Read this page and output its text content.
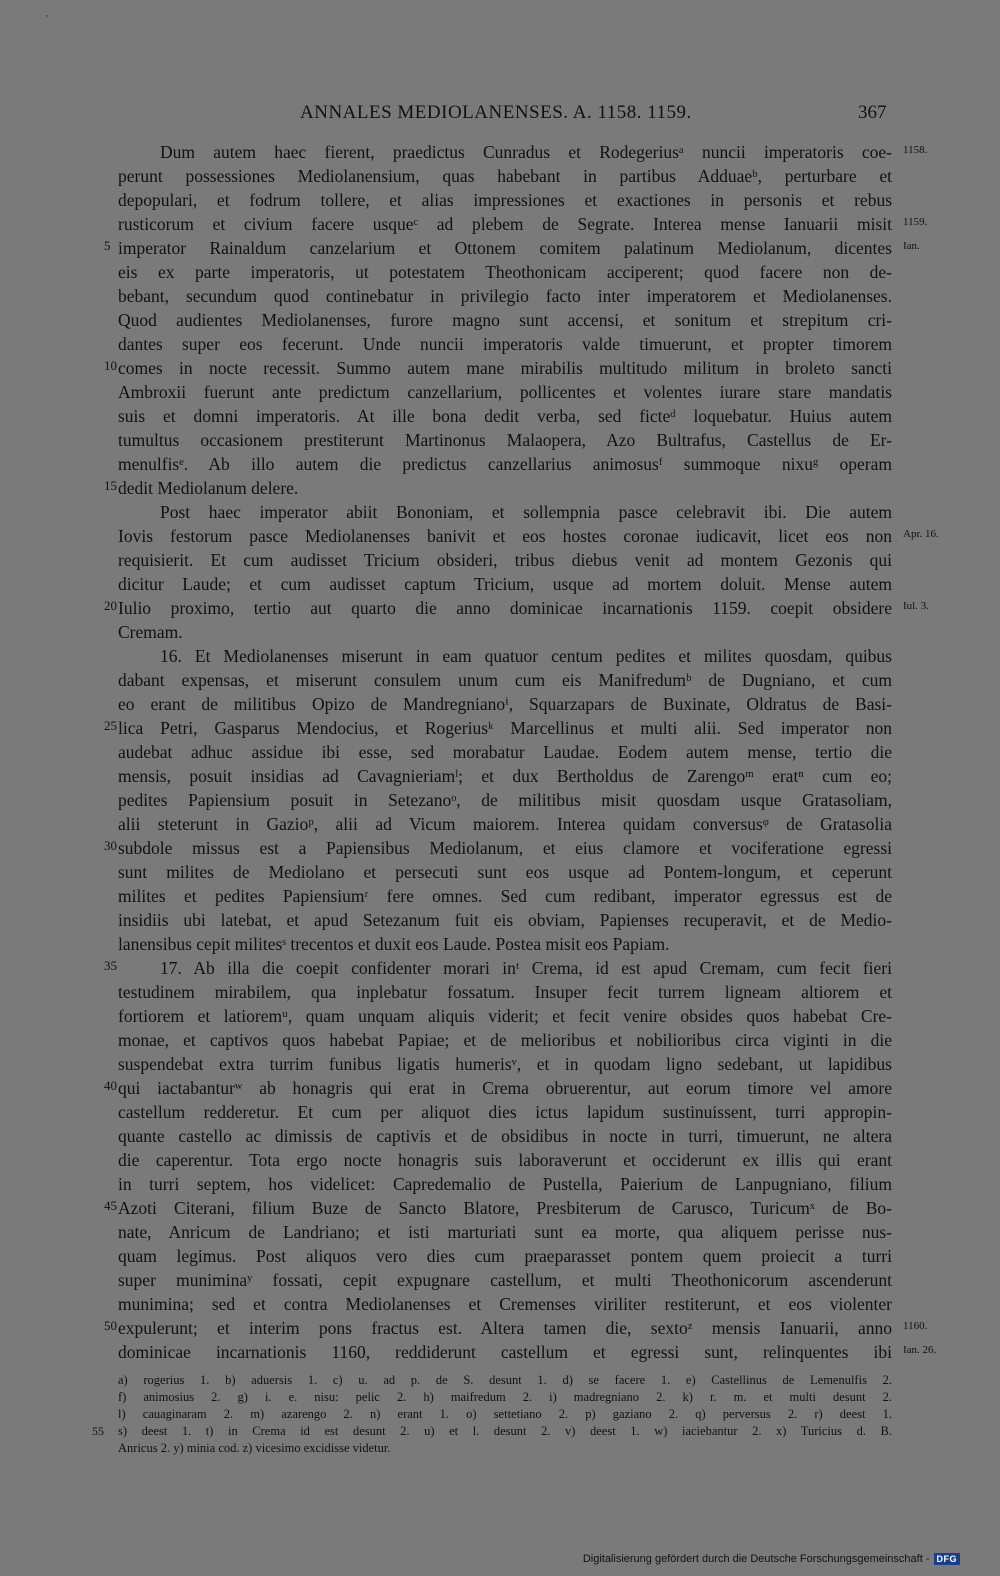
'
ANNALES MEDIOLANENSES. A. 1158. 1159.	367
Dum autem haec fierent, praedictus Cunradus et Rodegeriusᵃ nuncii imperatoris coe- 1158.
perunt possessiones Mediolanensium, quas habebant in partibus Adduaeᵇ, perturbare et
depopulari, et fodrum tollere, et alias impressiones et exactiones in personis et rebus
rusticorum et civium facere usqueᶜ ad plebem de Segrate. Interea mense Ianuarii misit 1159.
5 imperator Rainaldum canzelarium et Ottonem comitem palatinum Mediolanum, dicentes Ian.
eis ex parte imperatoris, ut potestatem Theothonicam acciperent; quod facere non de-
bebant, secundum quod continebatur in privilegio facto inter imperatorem et Mediolanenses.
Quod audientes Mediolanenses, furore magno sunt accensi, et sonitum et strepitum cri-
dantes super eos fecerunt. Unde nuncii imperatoris valde timuerunt, et propter timorem
10 comes in nocte recessit. Summo autem mane mirabilis multitudo militum in broleto sancti
Ambroxii fuerunt ante predictum canzellarium, pollicentes et volentes iurare stare mandatis
suis et domni imperatoris. At ille bona dedit verba, sed ficteᵈ loquebatur. Huius autem
tumultus occasionem prestiterunt Martinonus Malaopera, Azo Bultrafus, Castellus de Er-
menulfisᵉ. Ab illo autem die predictus canzellarius animosusᶠ summoque nixuᵍ operam
15 dedit Mediolanum delere.
Post haec imperator abiit Bononiam, et sollempnia pasce celebravit ibi. Die autem
Iovis festorum pasce Mediolanenses banivit et eos hostes coronae iudicavit, licet eos non Apr. 16.
requisierit. Et cum audisset Tricium obsideri, tribus diebus venit ad montem Gezonis qui
dicitur Laude; et cum audisset captum Tricium, usque ad mortem doluit. Mense autem
20 Iulio proximo, tertio aut quarto die anno dominicae incarnationis 1159. coepit obsidere Iul. 3.
Cremam.
16. Et Mediolanenses miserunt in eam quatuor centum pedites et milites quosdam, quibus
dabant expensas, et miserunt consulem unum cum eis Manifredumᵇ de Dugniano, et cum
eo erant de militibus Opizo de Mandregnianoⁱ, Squarzapars de Buxinate, Oldratus de Basi-
25 lica Petri, Gasparus Mendocius, et Rogeriusᵏ Marcellinus et multi alii. Sed imperator non
audebat adhuc assidue ibi esse, sed morabatur Laudae. Eodem autem mense, tertio die
mensis, posuit insidias ad Cavagnieriamˡ; et dux Bertholdus de Zarengoᵐ eratⁿ cum eo;
pedites Papiensium posuit in Setezanoᵒ, de militibus misit quosdam usque Gratasoliam,
alii steterunt in Gazioᵖ, alii ad Vicum maiorem. Interea quidam conversusᵠ de Gratasolia
30 subdole missus est a Papiensibus Mediolanum, et eius clamore et vociferatione egressi
sunt milites de Mediolano et persecuti sunt eos usque ad Pontem-longum, et ceperunt
milites et pedites Papiensiumʳ fere omnes. Sed cum redibant, imperator egressus est de
insidiis ubi latebat, et apud Setezanum fuit eis obviam, Papienses recuperavit, et de Medio-
lanensibus cepit militesˢ trecentos et duxit eos Laude. Postea misit eos Papiam.
35 17. Ab illa die coepit confidenter morari inᵗ Crema, id est apud Cremam, cum fecit fieri
testudinem mirabilem, qua inplebatur fossatum. Insuper fecit turrem ligneam altiorem et
fortiorem et latioremᵘ, quam unquam aliquis viderit; et fecit venire obsides quos habebat Cre-
monae, et captivos quos habebat Papiae; et de melioribus et nobilioribus circa viginti in die
suspendebat extra turrim funibus ligatis humerisᵛ, et in quodam ligno sedebant, ut lapidibus
40 qui iactabanturʷ ab honagris qui erat in Crema obruerentur, aut eorum timore vel amore
castellum redderetur. Et cum per aliquot dies ictus lapidum sustinuissent, turri appropin-
quante castello ac dimissis de captivis et de obsidibus in nocte in turri, timuerunt, ne altera
die caperentur. Tota ergo nocte honagris suis laboraverunt et occiderunt ex illis qui erant
in turri septem, hos videlicet: Capredemalio de Pustella, Paierium de Lanpugniano, filium
45 Azoti Citerani, filium Buze de Sancto Blatore, Presbiterum de Carusco, Turicumˣ de Bo-
nate, Anricum de Landriano; et isti marturiati sunt ea morte, qua aliquem perisse nus-
quam legimus. Post aliquos vero dies cum praeparasset pontem quem proiecit a turri
super muniminaʸ fossati, cepit expugnare castellum, et multi Theothonicorum ascenderunt
munimina; sed et contra Mediolanenses et Cremenses viriliter restiterunt, et eos violenter
50 expulerunt; et interim pons fractus est. Altera tamen die, sextoᶻ mensis Ianuarii, anno 1160.
dominicae incarnationis 1160, reddiderunt castellum et egressi sunt, relinquentes ibi Ian. 26.
a) rogerius 1. b) aduersis 1. c) u. ad p. de S. desunt 1. d) se facere 1. e) Castellinus de Lemenulfis 2.
f) animosius 2. g) i. e. nisu: pelic 2. h) maifredum 2. i) madregniano 2. k) r. m. et multi desunt 2.
l) cauaginaram 2. m) azarengo 2. n) erant 1. o) settetiano 2. p) gaziano 2. q) perversus 2. r) deest 1.
55 s) deest 1. t) in Crema id est desunt 2. u) et l. desunt 2. v) deest 1. w) iaciebantur 2. x) Turicius d. B.
Anricus 2. y) minia cod. z) vicesimo excidisse videtur.
Digitalisierung gefördert durch die Deutsche Forschungsgemeinschaft - DFG
